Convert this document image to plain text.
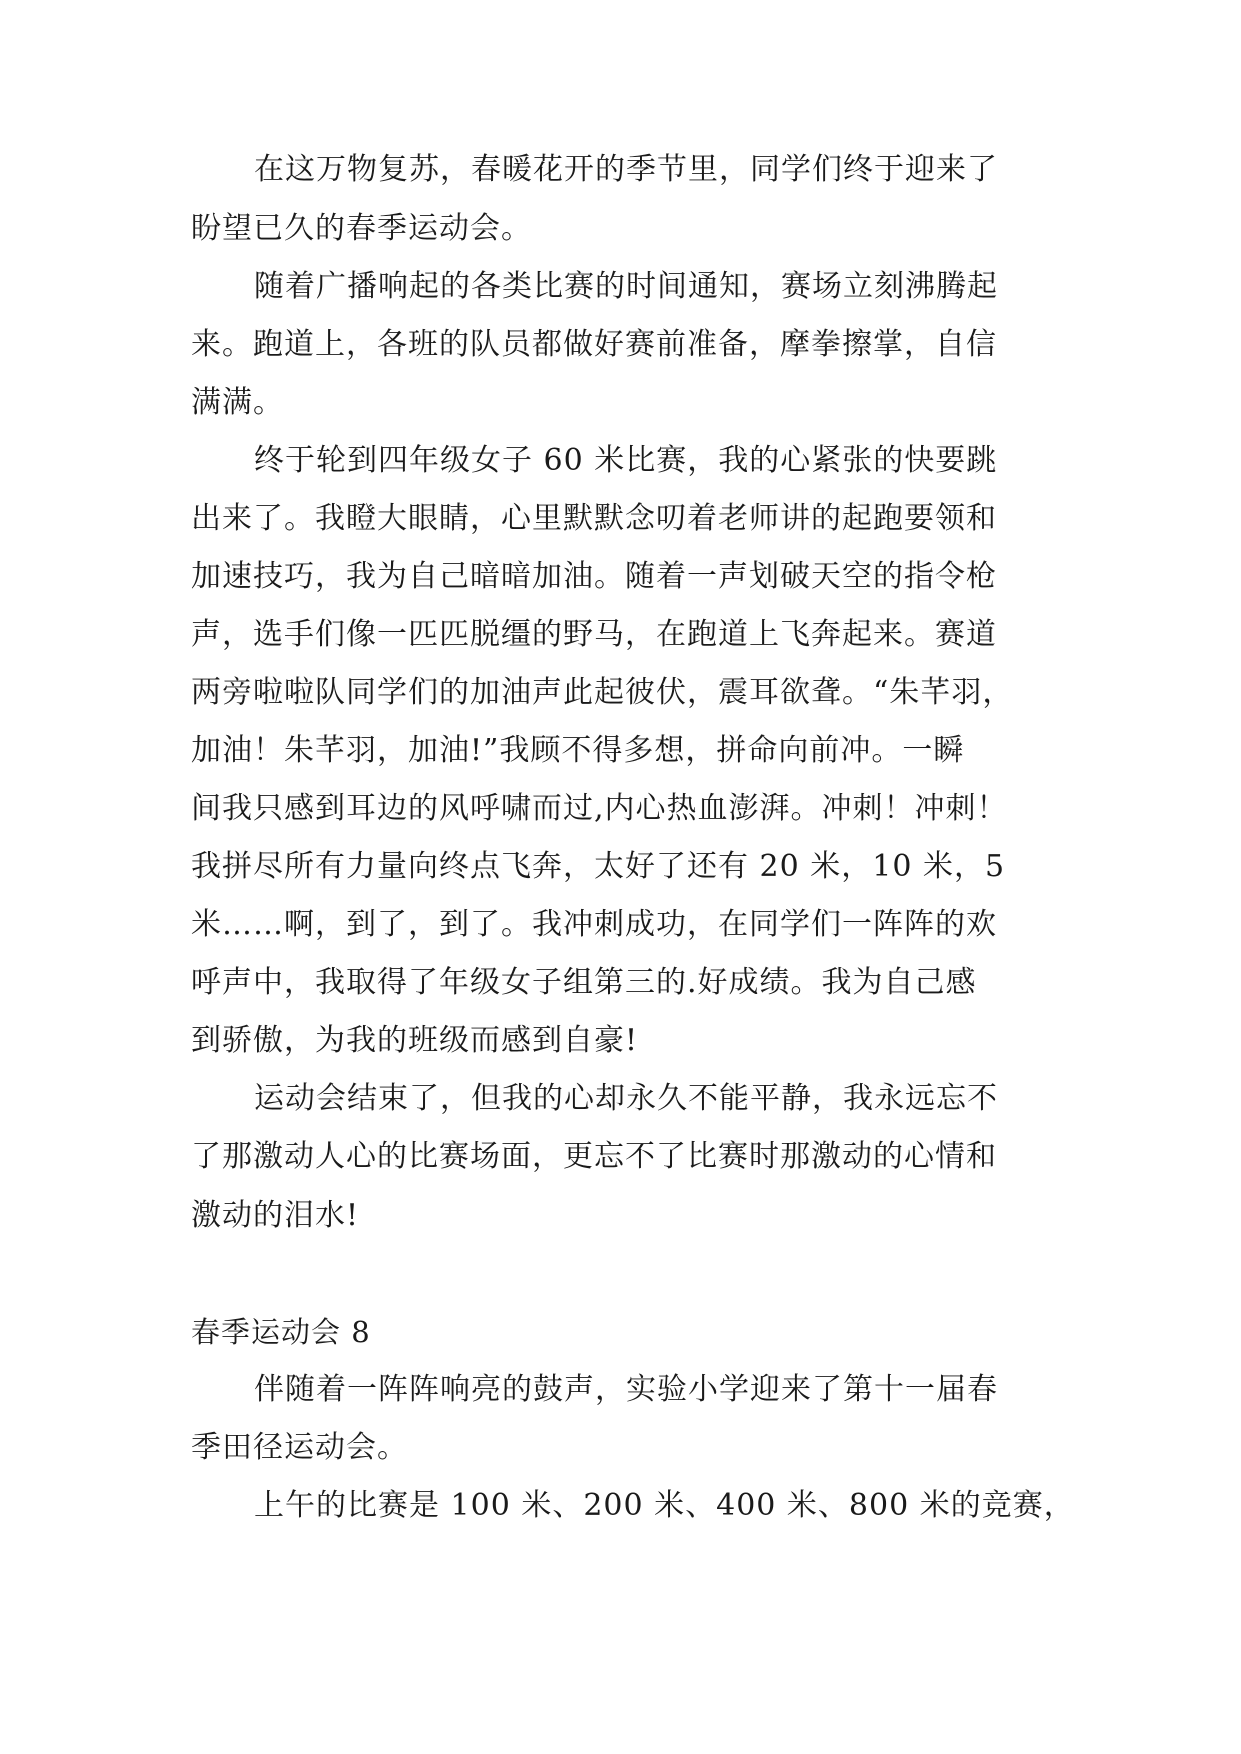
在这万物复苏，春暖花开的季节里，同学们终于迎来了
盼望已久的春季运动会。
随着广播响起的各类比赛的时间通知，赛场立刻沸腾起
来。跑道上，各班的队员都做好赛前准备，摩拳擦掌，自信
满满。
终于轮到四年级女子 60 米比赛，我的心紧张的快要跳
出来了。我瞪大眼睛，心里默默念叨着老师讲的起跑要领和
加速技巧，我为自己暗暗加油。随着一声划破天空的指令枪
声，选手们像一匹匹脱缰的野马，在跑道上飞奔起来。赛道
两旁啦啦队同学们的加油声此起彼伏，震耳欲聋。“朱芊羽，
加油！朱芊羽，加油!”我顾不得多想，拼命向前冲。一瞬
间我只感到耳边的风呼啸而过,内心热血澎湃。冲刺！冲刺！
我拼尽所有力量向终点飞奔，太好了还有 20 米，10 米，5
米……啊，到了，到了。我冲刺成功，在同学们一阵阵的欢
呼声中，我取得了年级女子组第三的.好成绩。我为自己感
到骄傲，为我的班级而感到自豪!
运动会结束了，但我的心却永久不能平静，我永远忘不
了那激动人心的比赛场面，更忘不了比赛时那激动的心情和
激动的泪水!
春季运动会 8
伴随着一阵阵响亮的鼓声，实验小学迎来了第十一届春
季田径运动会。
上午的比赛是 100 米、200 米、400 米、800 米的竞赛，
